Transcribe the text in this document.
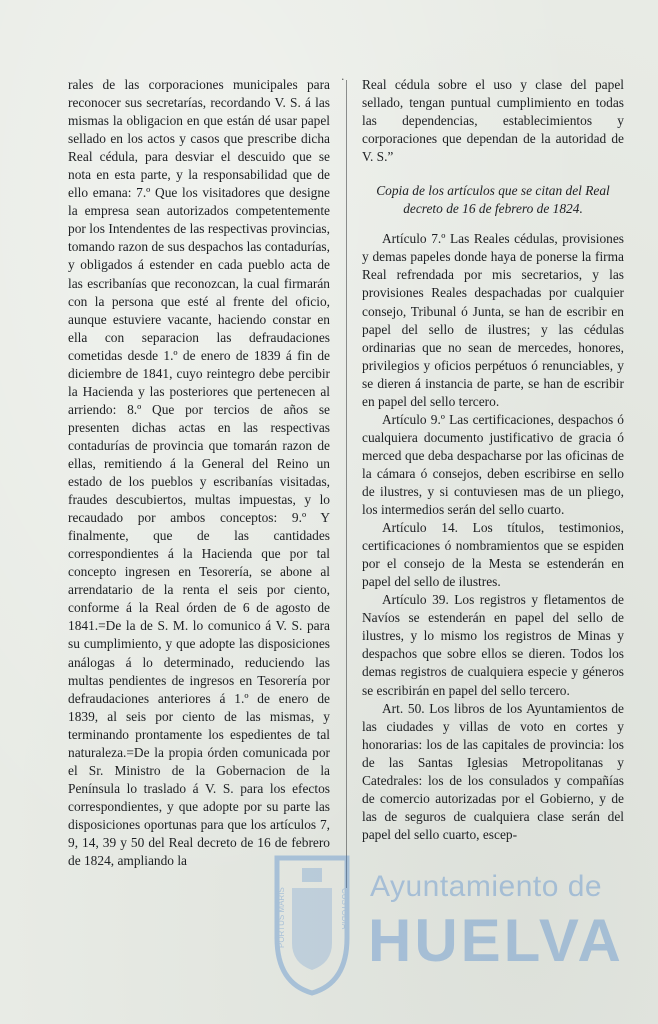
rales de las corporaciones municipales para reconocer sus secretarías, recordando V. S. á las mismas la obligacion en que están dé usar papel sellado en los actos y casos que prescribe dicha Real cédula, para desviar el descuido que se nota en esta parte, y la responsabilidad que de ello emana: 7.º Que los visitadores que designe la empresa sean autorizados competentemente por los Intendentes de las respectivas provincias, tomando razon de sus despachos las contadurías, y obligados á estender en cada pueblo acta de las escribanías que reconozcan, la cual firmarán con la persona que esté al frente del oficio, aunque estuviere vacante, haciendo constar en ella con separacion las defraudaciones cometidas desde 1.º de enero de 1839 á fin de diciembre de 1841, cuyo reintegro debe percibir la Hacienda y las posteriores que pertenecen al arriendo: 8.º Que por tercios de años se presenten dichas actas en las respectivas contadurías de provincia que tomarán razon de ellas, remitiendo á la General del Reino un estado de los pueblos y escribanías visitadas, fraudes descubiertos, multas impuestas, y lo recaudado por ambos conceptos: 9.º Y finalmente, que de las cantidades correspondientes á la Hacienda que por tal concepto ingresen en Tesorería, se abone al arrendatario de la renta el seis por ciento, conforme á la Real órden de 6 de agosto de 1841.=De la de S. M. lo comunico á V. S. para su cumplimiento, y que adopte las disposiciones análogas á lo determinado, reduciendo las multas pendientes de ingresos en Tesorería por defraudaciones anteriores á 1.º de enero de 1839, al seis por ciento de las mismas, y terminando prontamente los espedientes de tal naturaleza.=De la propia órden comunicada por el Sr. Ministro de la Gobernacion de la Península lo traslado á V. S. para los efectos correspondientes, y que adopte por su parte las disposiciones oportunas para que los artículos 7, 9, 14, 39 y 50 del Real decreto de 16 de febrero de 1824, ampliando la

.

Real cédula sobre el uso y clase del papel sellado, tengan puntual cumplimiento en todas las dependencias, establecimientos y corporaciones que dependan de la autoridad de V. S.”

Copia de los artículos que se citan del Real decreto de 16 de febrero de 1824.

Artículo 7.º Las Reales cédulas, provisiones y demas papeles donde haya de ponerse la firma Real refrendada por mis secretarios, y las provisiones Reales despachadas por cualquier consejo, Tribunal ó Junta, se han de escribir en papel del sello de ilustres; y las cédulas ordinarias que no sean de mercedes, honores, privilegios y oficios perpétuos ó renunciables, y se dieren á instancia de parte, se han de escribir en papel del sello tercero.

Artículo 9.º Las certificaciones, despachos ó cualquiera documento justificativo de gracia ó merced que deba despacharse por las oficinas de la cámara ó consejos, deben escribirse en sello de ilustres, y si contuviesen mas de un pliego, los intermedios serán del sello cuarto.

Artículo 14. Los títulos, testimonios, certificaciones ó nombramientos que se espiden por el consejo de la Mesta se estenderán en papel del sello de ilustres.

Artículo 39. Los registros y fletamentos de Navíos se estenderán en papel del sello de ilustres, y lo mismo los registros de Minas y despachos que sobre ellos se dieren. Todos los demas registros de cualquiera especie y géneros se escribirán en papel del sello tercero.

Art. 50. Los libros de los Ayuntamientos de las ciudades y villas de voto en cortes y honorarias: los de las capitales de provincia: los de las Santas Iglesias Metropolitanas y Catedrales: los de los consulados y compañías de comercio autorizadas por el Gobierno, y de las de seguros de cualquiera clase serán del papel del sello cuarto, escep-

PORTUS MARIS	CUSTODIA
Ayuntamiento de
HUELVA
